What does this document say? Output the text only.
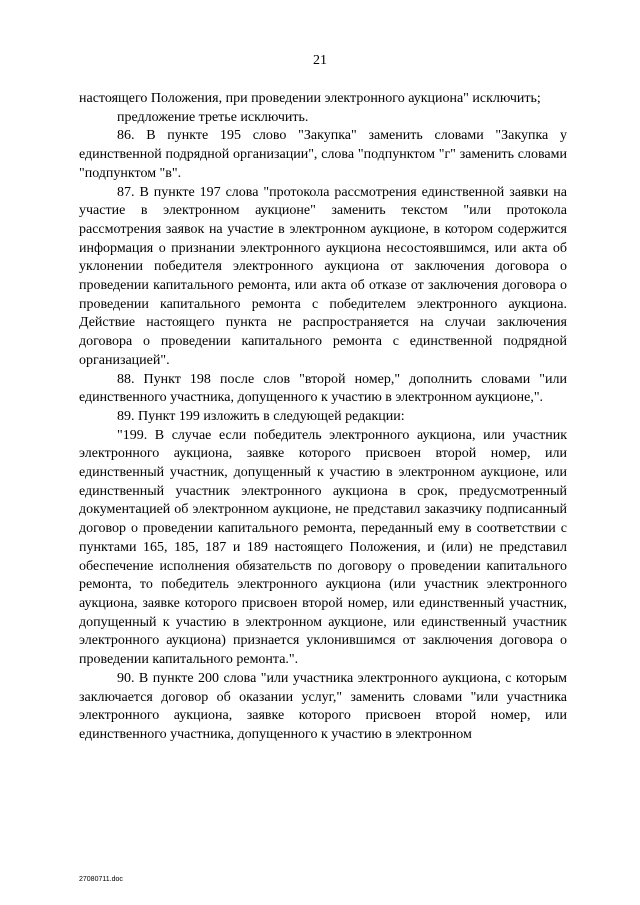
21

настоящего Положения, при проведении электронного аукциона" исключить;

предложение третье исключить.

86. В пункте 195 слово "Закупка" заменить словами "Закупка у единственной подрядной организации", слова "подпунктом "г" заменить словами "подпунктом "в".

87. В пункте 197 слова "протокола рассмотрения единственной заявки на участие в электронном аукционе" заменить текстом "или протокола рассмотрения заявок на участие в электронном аукционе, в котором содержится информация о признании электронного аукциона несостоявшимся, или акта об уклонении победителя электронного аукциона от заключения договора о проведении капитального ремонта, или акта об отказе от заключения договора о проведении капитального ремонта с победителем электронного аукциона. Действие настоящего пункта не распространяется на случаи заключения договора о проведении капитального ремонта с единственной подрядной организацией".

88. Пункт 198 после слов "второй номер," дополнить словами "или единственного участника, допущенного к участию в электронном аукционе,".

89. Пункт 199 изложить в следующей редакции:

"199. В случае если победитель электронного аукциона, или участник электронного аукциона, заявке которого присвоен второй номер, или единственный участник, допущенный к участию в электронном аукционе, или единственный участник электронного аукциона в срок, предусмотренный документацией об электронном аукционе, не представил заказчику подписанный договор о проведении капитального ремонта, переданный ему в соответствии с пунктами 165, 185, 187 и 189 настоящего Положения, и (или) не представил обеспечение исполнения обязательств по договору о проведении капитального ремонта, то победитель электронного аукциона (или участник электронного аукциона, заявке которого присвоен второй номер, или единственный участник, допущенный к участию в электронном аукционе, или единственный участник электронного аукциона) признается уклонившимся от заключения договора о проведении капитального ремонта.".

90. В пункте 200 слова "или участника электронного аукциона, с которым заключается договор об оказании услуг," заменить словами "или участника электронного аукциона, заявке которого присвоен второй номер, или единственного участника, допущенного к участию в электронном

27080711.doc
